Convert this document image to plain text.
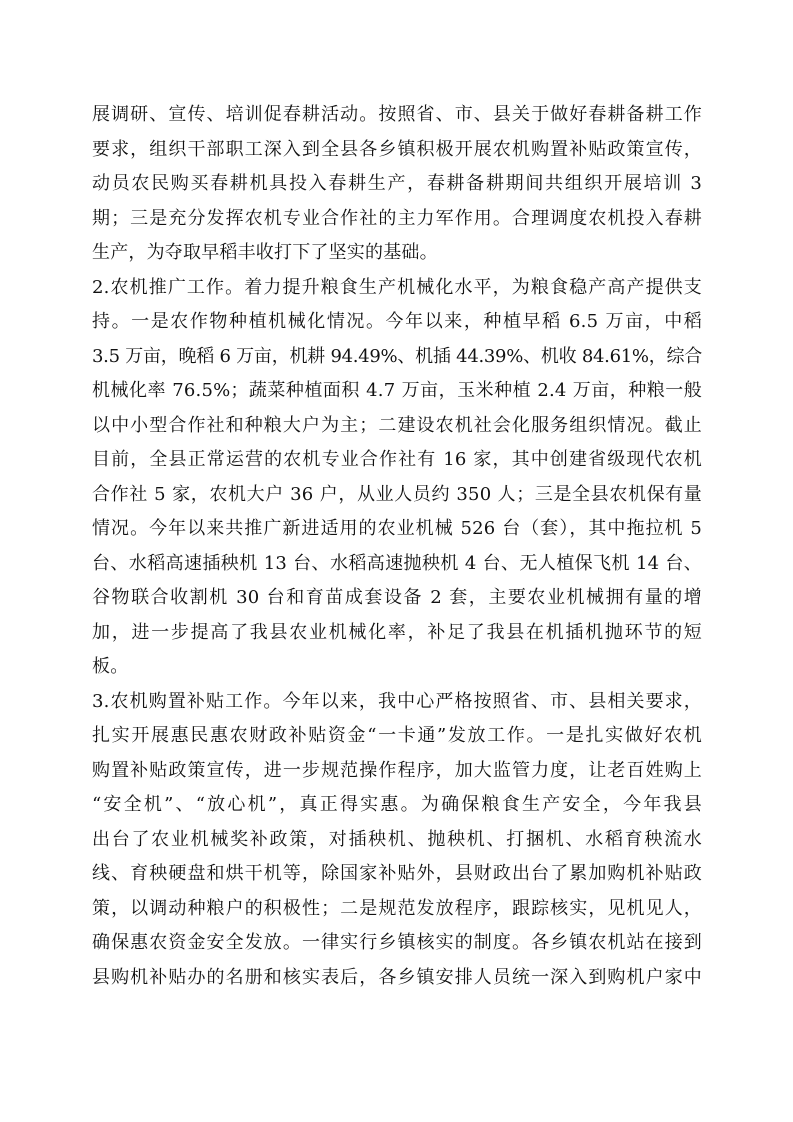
展调研、宣传、培训促春耕活动。按照省、市、县关于做好春耕备耕工作
要求，组织干部职工深入到全县各乡镇积极开展农机购置补贴政策宣传，
动员农民购买春耕机具投入春耕生产，春耕备耕期间共组织开展培训 3
期；三是充分发挥农机专业合作社的主力军作用。合理调度农机投入春耕
生产，为夺取早稻丰收打下了坚实的基础。
2.农机推广工作。着力提升粮食生产机械化水平，为粮食稳产高产提供支
持。一是农作物种植机械化情况。今年以来，种植早稻 6.5 万亩，中稻
3.5 万亩，晚稻 6 万亩，机耕 94.49%、机插 44.39%、机收 84.61%，综合
机械化率 76.5%；蔬菜种植面积 4.7 万亩，玉米种植 2.4 万亩，种粮一般
以中小型合作社和种粮大户为主；二建设农机社会化服务组织情况。截止
目前，全县正常运营的农机专业合作社有 16 家，其中创建省级现代农机
合作社 5 家，农机大户 36 户，从业人员约 350 人；三是全县农机保有量
情况。今年以来共推广新进适用的农业机械 526 台（套），其中拖拉机 5
台、水稻高速插秧机 13 台、水稻高速抛秧机 4 台、无人植保飞机 14 台、
谷物联合收割机 30 台和育苗成套设备 2 套，主要农业机械拥有量的增
加，进一步提高了我县农业机械化率，补足了我县在机插机抛环节的短
板。
3.农机购置补贴工作。今年以来，我中心严格按照省、市、县相关要求，
扎实开展惠民惠农财政补贴资金“一卡通”发放工作。一是扎实做好农机
购置补贴政策宣传，进一步规范操作程序，加大监管力度，让老百姓购上
“安全机”、“放心机”，真正得实惠。为确保粮食生产安全，今年我县
出台了农业机械奖补政策，对插秧机、抛秧机、打捆机、水稻育秧流水
线、育秧硬盘和烘干机等，除国家补贴外，县财政出台了累加购机补贴政
策，以调动种粮户的积极性；二是规范发放程序，跟踪核实，见机见人，
确保惠农资金安全发放。一律实行乡镇核实的制度。各乡镇农机站在接到
县购机补贴办的名册和核实表后，各乡镇安排人员统一深入到购机户家中
